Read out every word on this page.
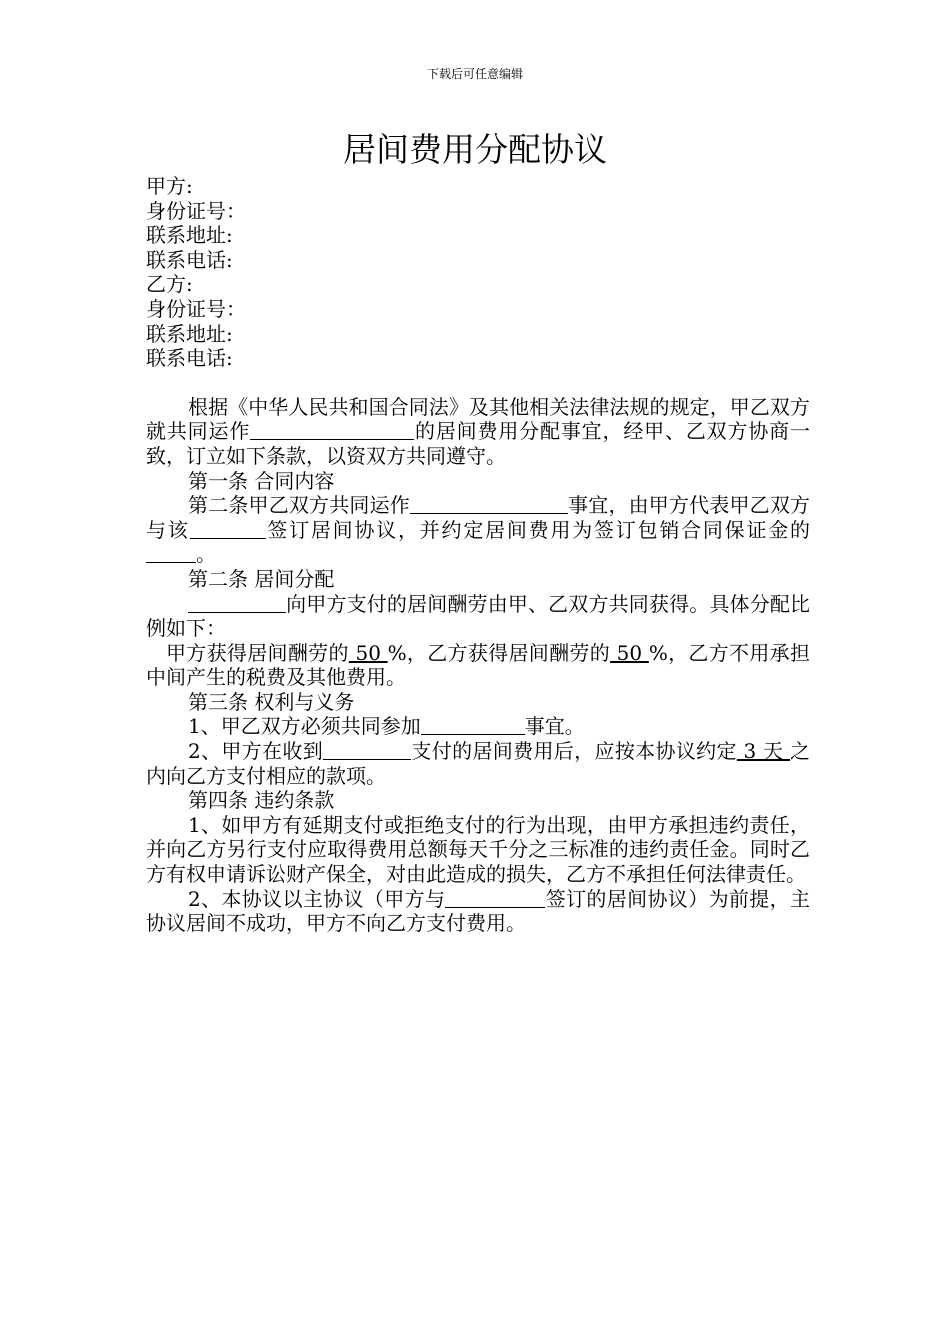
下载后可任意编辑
居间费用分配协议

甲方:

身份证号：

联系地址:

联系电话:

乙方:

身份证号：

联系地址:

联系电话:

根据《中华人民共和国合同法》及其他相关法律法规的规定，甲乙双方就共同运作	的居间费用分配事宜，经甲、乙双方协商一致，订立如下条款，以资双方共同遵守。

第一条 合同内容

第二条甲乙双方共同运作	事宜，由甲方代表甲乙双方与该	签订居间协议，并约定居间费用为签订包销合同保证金的。

第二条 居间分配

向甲方支付的居间酬劳由甲、乙双方共同获得。具体分配比例如下：

甲方获得居间酬劳的 50 %，乙方获得居间酬劳的 50 %，乙方不用承担中间产生的税费及其他费用。

第三条 权利与义务

1、甲乙双方必须共同参加	事宜。

2、甲方在收到	支付的居间费用后，应按本协议约定 3 天 之内向乙方支付相应的款项。

第四条 违约条款

1、如甲方有延期支付或拒绝支付的行为出现，由甲方承担违约责任，并向乙方另行支付应取得费用总额每天千分之三标准的违约责任金。同时乙方有权申请诉讼财产保全，对由此造成的损失，乙方不承担任何法律责任。

2、本协议以主协议（甲方与	签订的居间协议）为前提，主协议居间不成功，甲方不向乙方支付费用。
